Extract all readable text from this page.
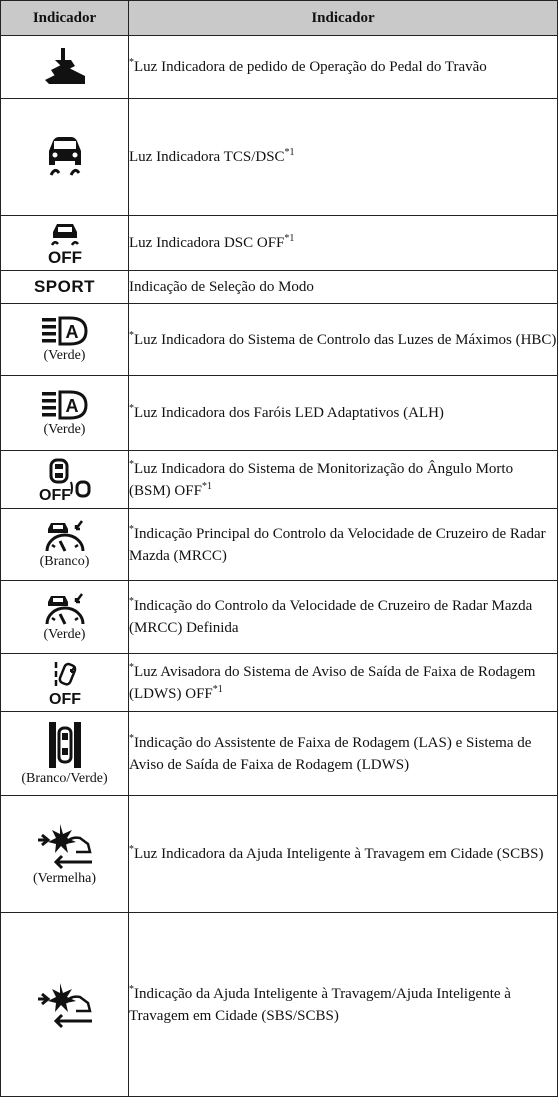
Indicador	Indicador

	*Luz Indicadora de pedido de Operação do Pedal do Travão

	Luz Indicadora TCS/DSC$^{*1}$

OFF	Luz Indicadora DSC OFF$^{*1}$

SPORT	Indicação de Seleção do Modo

A
(Verde)	*Luz Indicadora do Sistema de Controlo das Luzes de Máximos (HBC)

A
(Verde)	*Luz Indicadora dos Faróis LED Adaptativos (ALH)

OFF	*Luz Indicadora do Sistema de Monitorização do Ângulo Morto (BSM) OFF$^{*1}$

(Branco)	*Indicação Principal do Controlo da Velocidade de Cruzeiro de Radar Mazda (MRCC)

(Verde)	*Indicação do Controlo da Velocidade de Cruzeiro de Radar Mazda (MRCC) Definida

OFF	*Luz Avisadora do Sistema de Aviso de Saída de Faixa de Rodagem (LDWS) OFF$^{*1}$

(Branco/Verde)	*Indicação do Assistente de Faixa de Rodagem (LAS) e Sistema de Aviso de Saída de Faixa de Rodagem (LDWS)

(Vermelha)	*Luz Indicadora da Ajuda Inteligente à Travagem em Cidade (SCBS)

	*Indicação da Ajuda Inteligente à Travagem/Ajuda Inteligente à Travagem em Cidade (SBS/SCBS)
